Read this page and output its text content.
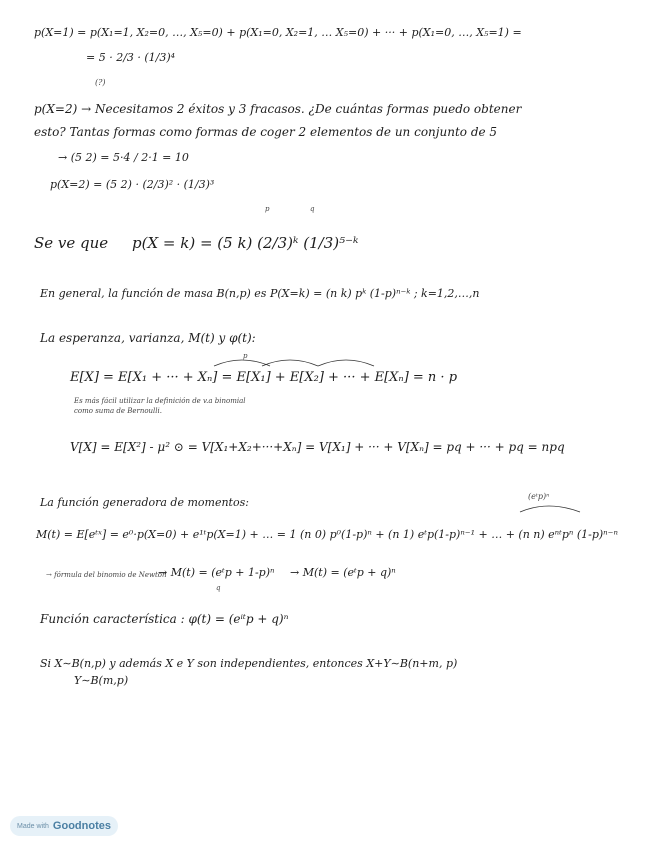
p(X=1) = p(X₁=1, X₂=0, …, X₅=0) + p(X₁=0, X₂=1, … X₅=0) + ··· + p(X₁=0, …, X₅=1) =
= 5 · 2/3 · (1/3)⁴
(?)
p(X=2) → Necesitamos 2 éxitos y 3 fracasos. ¿De cuántas formas puedo obtener
esto? Tantas formas como formas de coger 2 elementos de un conjunto de 5
→ (5 2) = 5·4 / 2·1 = 10
p(X=2) = (5 2) · (2/3)² · (1/3)³
p	q
Se ve que p(X = k) = (5 k) (2/3)ᵏ (1/3)⁵⁻ᵏ
En general, la función de masa B(n,p) es P(X=k) = (n k) pᵏ (1-p)ⁿ⁻ᵏ ; k=1,2,…,n
La esperanza, varianza, M(t) y φ(t):
p
E[X] = E[X₁ + ··· + Xₙ] = E[X₁] + E[X₂] + ··· + E[Xₙ] = n · p
Es más fácil utilizar la definición de v.a binomial
como suma de Bernoulli.
V[X] = E[X²] - μ² ⊙ = V[X₁+X₂+···+Xₙ] = V[X₁] + ··· + V[Xₙ] = pq + ··· + pq = npq
La función generadora de momentos:	(eᵗp)ⁿ
M(t) = E[eᵗˣ] = e⁰·p(X=0) + e¹ᵗp(X=1) + … = 1 (n 0) p⁰(1-p)ⁿ + (n 1) eᵗp(1-p)ⁿ⁻¹ + … + (n n) eⁿᵗpⁿ (1-p)ⁿ⁻ⁿ
→ fórmula del binomio de Newton
→ M(t) = (eᵗp + 1-p)ⁿ → M(t) = (eᵗp + q)ⁿ
q
Función característica : φ(t) = (eⁱᵗp + q)ⁿ
Si X∼B(n,p) y además X e Y son independientes, entonces X+Y∼B(n+m, p)
Y∼B(m,p)
Made with Goodnotes
